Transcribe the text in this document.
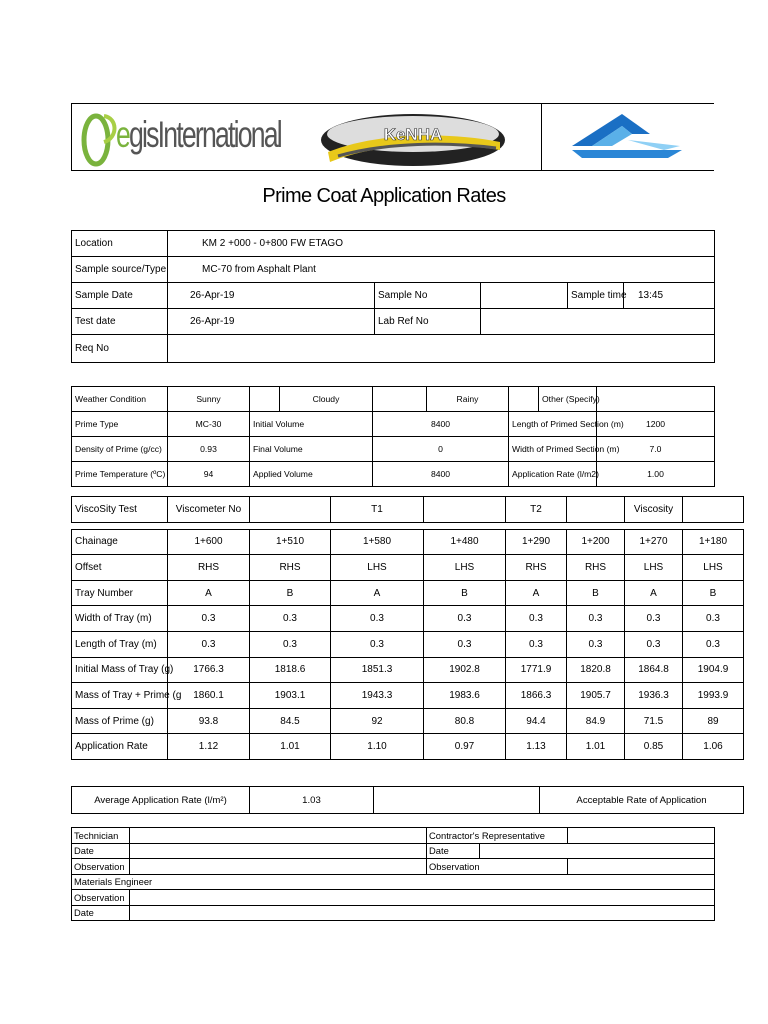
egisInternational	KeNHA
Prime Coat Application Rates
Location	KM 2 +000 - 0+800 FW ETAGO				
Sample source/Type	MC-70 from Asphalt Plant				
Sample Date	26-Apr-19	Sample No		Sample time	13:45
Test date	26-Apr-19	Lab Ref No			
Req No					
Weather Condition	Sunny		Cloudy		Rainy		Other (Specify)	
Prime Type	MC-30	Initial Volume		8400		Length of Primed Section (m)		1200
Density of Prime (g/cc)	0.93	Final Volume		0		Width of Primed Section (m)		7.0
Prime Temperature (ºC)	94	Applied Volume		8400		Application Rate (l/m2)		1.00
ViscoSity Test	Viscometer No		T1		T2		Viscosity	

Chainage	1+600	1+510	1+580	1+480	1+290	1+200	1+270	1+180
Offset	RHS	RHS	LHS	LHS	RHS	RHS	LHS	LHS
Tray Number	A	B	A	B	A	B	A	B
Width of Tray (m)	0.3	0.3	0.3	0.3	0.3	0.3	0.3	0.3
Length of Tray (m)	0.3	0.3	0.3	0.3	0.3	0.3	0.3	0.3
Initial Mass of Tray (g)	1766.3	1818.6	1851.3	1902.8	1771.9	1820.8	1864.8	1904.9
Mass of Tray + Prime (g	1860.1	1903.1	1943.3	1983.6	1866.3	1905.7	1936.3	1993.9
Mass of Prime (g)	93.8	84.5	92	80.8	94.4	84.9	71.5	89
Application Rate	1.12	1.01	1.10	0.97	1.13	1.01	0.85	1.06
Average Application Rate (l/m²)	1.03		Acceptable Rate of Application
Technician		Contractor's Representative		
Date		Date		
Observation		Observation		
Materials Engineer				
Observation				
Date				
